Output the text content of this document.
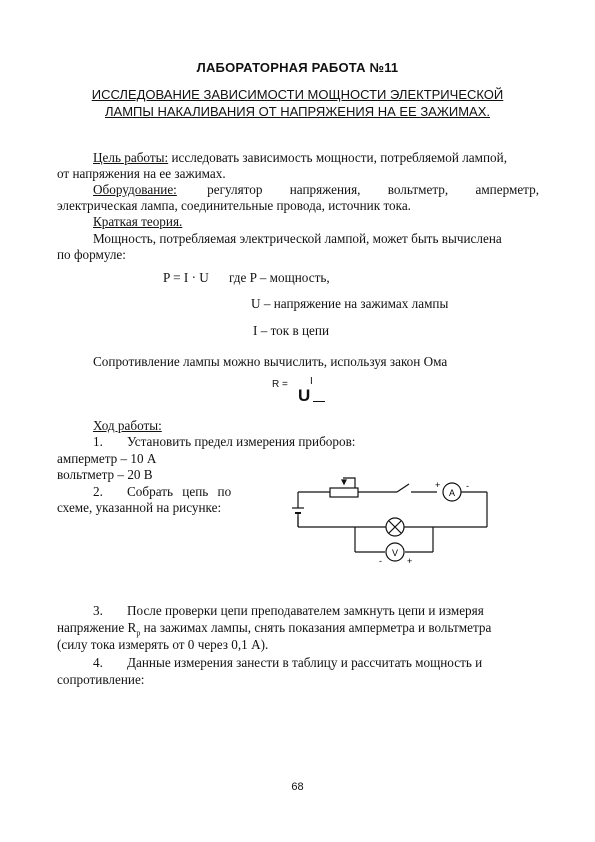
ЛАБОРАТОРНАЯ РАБОТА №11
ИССЛЕДОВАНИЕ ЗАВИСИМОСТИ МОЩНОСТИ ЭЛЕКТРИЧЕСКОЙ
ЛАМПЫ НАКАЛИВАНИЯ ОТ НАПРЯЖЕНИЯ НА ЕЕ ЗАЖИМАХ.
Цель работы: исследовать зависимость мощности, потребляемой лампой,
от напряжения на ее зажимах.
Оборудование: регулятор напряжения, вольтметр, амперметр,
электрическая лампа, соединительные провода, источник тока.
Краткая теория.
Мощность, потребляемая электрической лампой, может быть вычислена
по формуле:
P = I · U где P – мощность,
U – напряжение на зажимах лампы
I – ток в цепи
Сопротивление лампы можно вычислить, используя закон Ома
R = I
U
Ход работы:
1. Установить предел измерения приборов:
амперметр – 10 А
вольтметр – 20 В
2. Собрать цепь по
схеме, указанной на рисунке:
A
V
+	-
-	+
3. После проверки цепи преподавателем замкнуть цепи и измеряя
напряжение $R_р$ на зажимах лампы, снять показания амперметра и вольтметра
(силу тока измерять от 0 через 0,1 А).
4. Данные измерения занести в таблицу и рассчитать мощность и
сопротивление:
68
